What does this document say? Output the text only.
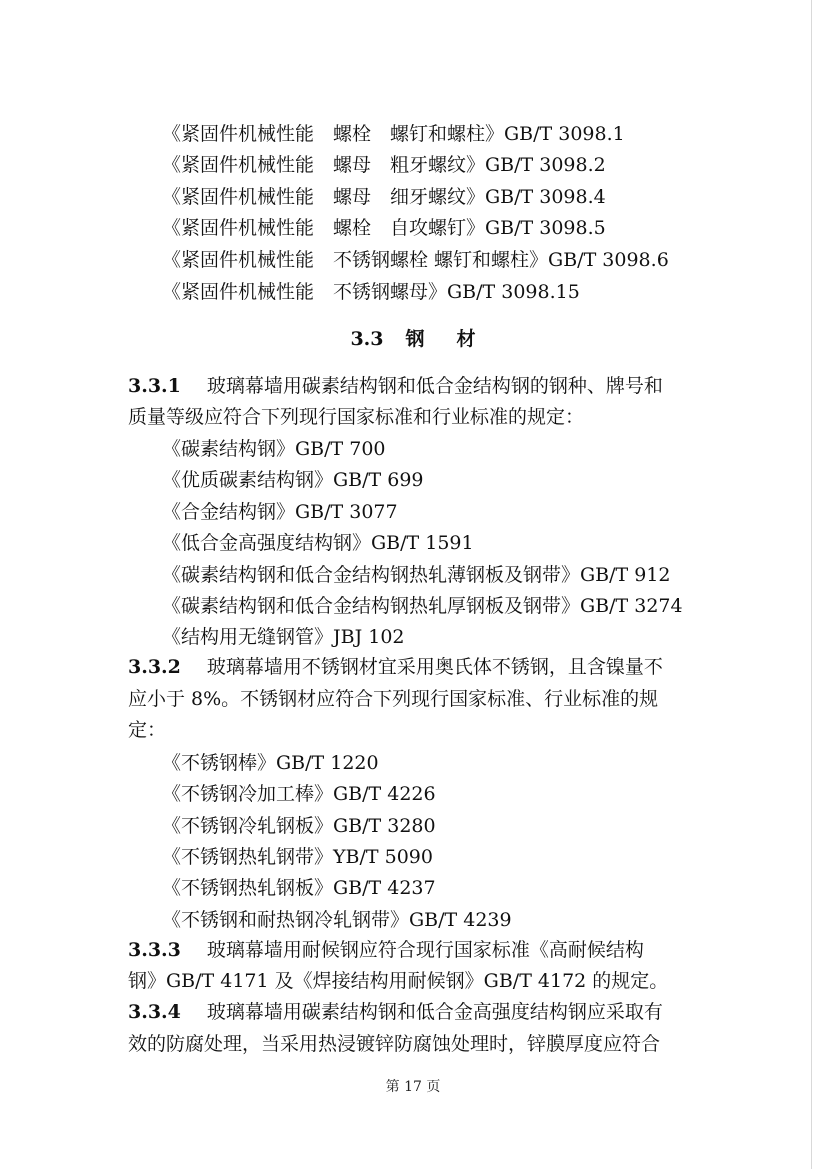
《紧固件机械性能　螺栓　螺钉和螺柱》GB/T 3098.1
《紧固件机械性能　螺母　粗牙螺纹》GB/T 3098.2
《紧固件机械性能　螺母　细牙螺纹》GB/T 3098.4
《紧固件机械性能　螺栓　自攻螺钉》GB/T 3098.5
《紧固件机械性能　不锈钢螺栓 螺钉和螺柱》GB/T 3098.6
《紧固件机械性能　不锈钢螺母》GB/T 3098.15
3.3 钢 材
3.3.1 玻璃幕墙用碳素结构钢和低合金结构钢的钢种、牌号和
质量等级应符合下列现行国家标准和行业标准的规定：
《碳素结构钢》GB/T 700
《优质碳素结构钢》GB/T 699
《合金结构钢》GB/T 3077
《低合金高强度结构钢》GB/T 1591
《碳素结构钢和低合金结构钢热轧薄钢板及钢带》GB/T 912
《碳素结构钢和低合金结构钢热轧厚钢板及钢带》GB/T 3274
《结构用无缝钢管》JBJ 102
3.3.2 玻璃幕墙用不锈钢材宜采用奥氏体不锈钢，且含镍量不
应小于 8%。不锈钢材应符合下列现行国家标准、行业标准的规
定：
《不锈钢棒》GB/T 1220
《不锈钢冷加工棒》GB/T 4226
《不锈钢冷轧钢板》GB/T 3280
《不锈钢热轧钢带》YB/T 5090
《不锈钢热轧钢板》GB/T 4237
《不锈钢和耐热钢冷轧钢带》GB/T 4239
3.3.3 玻璃幕墙用耐候钢应符合现行国家标准《高耐候结构
钢》GB/T 4171 及《焊接结构用耐候钢》GB/T 4172 的规定。
3.3.4 玻璃幕墙用碳素结构钢和低合金高强度结构钢应采取有
效的防腐处理，当采用热浸镀锌防腐蚀处理时，锌膜厚度应符合
第 17 页
